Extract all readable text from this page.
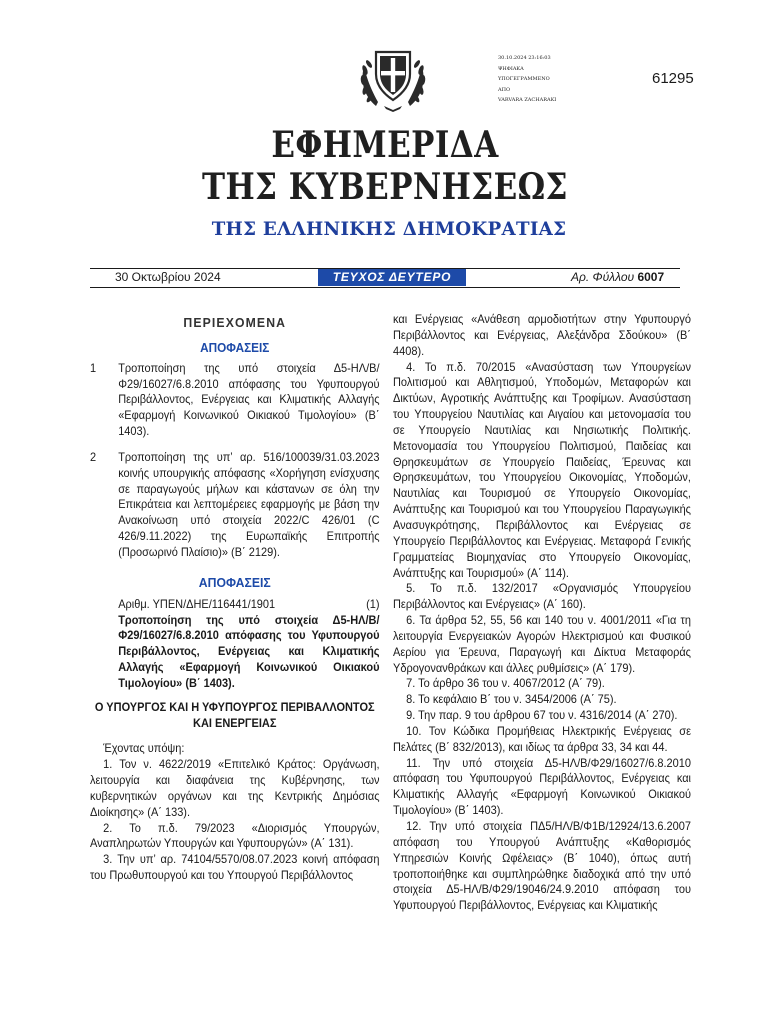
30.10.2024 23:16:03
ΨΗΦΙΑΚΑ
ΥΠΟΓΕΓΡΑΜΜΕΝΟ
ΑΠΟ
VARVARA ZACHARAKI
61295
ΕΦΗΜΕΡΙΔΑ
ΤΗΣ ΚΥΒΕΡΝΗΣΕΩΣ
ΤΗΣ ΕΛΛΗΝΙΚΗΣ ΔΗΜΟΚΡΑΤΙΑΣ
30 Οκτωβρίου 2024	ΤΕΥΧΟΣ ΔΕΥΤΕΡΟ	Αρ. Φύλλου 6007
ΠΕΡΙΕΧΟΜΕΝΑ
ΑΠΟΦΑΣΕΙΣ
1	Τροποποίηση της υπό στοιχεία Δ5-ΗΛ/Β/Φ29/16027/6.8.2010 απόφασης του Υφυπουργού Περιβάλλοντος, Ενέργειας και Κλιματικής Αλλαγής «Εφαρμογή Κοινωνικού Οικιακού Τιμολογίου» (Β΄ 1403).
2	Τροποποίηση της υπ’ αρ. 516/100039/31.03.2023 κοινής υπουργικής απόφασης «Χορήγηση ενίσχυσης σε παραγωγούς μήλων και κάστανων σε όλη την Επικράτεια και λεπτομέρειες εφαρμογής με βάση την Ανακοίνωση υπό στοιχεία 2022/C 426/01 (C 426/9.11.2022) της Ευρωπαϊκής Επιτροπής (Προσωρινό Πλαίσιο)» (Β΄ 2129).
ΑΠΟΦΑΣΕΙΣ
Αριθμ. ΥΠΕΝ/ΔΗΕ/116441/1901	(1)

Τροποποίηση της υπό στοιχεία Δ5-ΗΛ/Β/Φ29/16027/6.8.2010 απόφασης του Υφυπουργού Περιβάλλοντος, Ενέργειας και Κλιματικής Αλλαγής «Εφαρμογή Κοινωνικού Οικιακού Τιμολογίου» (Β΄ 1403).

Ο ΥΠΟΥΡΓΟΣ ΚΑΙ Η ΥΦΥΠΟΥΡΓΟΣ ΠΕΡΙΒΑΛΛΟΝΤΟΣ ΚΑΙ ΕΝΕΡΓΕΙΑΣ

Έχοντας υπόψη:

1. Τον ν. 4622/2019 «Επιτελικό Κράτος: Οργάνωση, λειτουργία και διαφάνεια της Κυβέρνησης, των κυβερνητικών οργάνων και της Κεντρικής Δημόσιας Διοίκησης» (Α΄ 133).

2. Το π.δ. 79/2023 «Διορισμός Υπουργών, Αναπληρωτών Υπουργών και Υφυπουργών» (Α΄ 131).

3. Την υπ’ αρ. 74104/5570/08.07.2023 κοινή απόφαση του Πρωθυπουργού και του Υπουργού Περιβάλλοντος

και Ενέργειας «Ανάθεση αρμοδιοτήτων στην Υφυπουργό Περιβάλλοντος και Ενέργειας, Αλεξάνδρα Σδούκου» (Β΄ 4408).

4. Το π.δ. 70/2015 «Ανασύσταση των Υπουργείων Πολιτισμού και Αθλητισμού, Υποδομών, Μεταφορών και Δικτύων, Αγροτικής Ανάπτυξης και Τροφίμων. Ανασύσταση του Υπουργείου Ναυτιλίας και Αιγαίου και μετονομασία του σε Υπουργείο Ναυτιλίας και Νησιωτικής Πολιτικής. Μετονομασία του Υπουργείου Πολιτισμού, Παιδείας και Θρησκευμάτων σε Υπουργείο Παιδείας, Έρευνας και Θρησκευμάτων, του Υπουργείου Οικονομίας, Υποδομών, Ναυτιλίας και Τουρισμού σε Υπουργείο Οικονομίας, Ανάπτυξης και Τουρισμού και του Υπουργείου Παραγωγικής Ανασυγκρότησης, Περιβάλλοντος και Ενέργειας σε Υπουργείο Περιβάλλοντος και Ενέργειας. Μεταφορά Γενικής Γραμματείας Βιομηχανίας στο Υπουργείο Οικονομίας, Ανάπτυξης και Τουρισμού» (Α΄ 114).

5. Το π.δ. 132/2017 «Οργανισμός Υπουργείου Περιβάλλοντος και Ενέργειας» (Α΄ 160).

6. Τα άρθρα 52, 55, 56 και 140 του ν. 4001/2011 «Για τη λειτουργία Ενεργειακών Αγορών Ηλεκτρισμού και Φυσικού Αερίου για Έρευνα, Παραγωγή και Δίκτυα Μεταφοράς Υδρογονανθράκων και άλλες ρυθμίσεις» (Α΄ 179).

7. Το άρθρο 36 του ν. 4067/2012 (Α΄ 79).

8. Το κεφάλαιο Β΄ του ν. 3454/2006 (Α΄ 75).

9. Την παρ. 9 του άρθρου 67 του ν. 4316/2014 (Α΄ 270).

10. Τον Κώδικα Προμήθειας Ηλεκτρικής Ενέργειας σε Πελάτες (Β΄ 832/2013), και ιδίως τα άρθρα 33, 34 και 44.

11. Την υπό στοιχεία Δ5-ΗΛ/Β/Φ29/16027/6.8.2010 απόφαση του Υφυπουργού Περιβάλλοντος, Ενέργειας και Κλιματικής Αλλαγής «Εφαρμογή Κοινωνικού Οικιακού Τιμολογίου» (Β΄ 1403).

12. Την υπό στοιχεία ΠΔ5/ΗΛ/Β/Φ1Β/12924/13.6.2007 απόφαση του Υπουργού Ανάπτυξης «Καθορισμός Υπηρεσιών Κοινής Ωφέλειας» (Β΄ 1040), όπως αυτή τροποποιήθηκε και συμπληρώθηκε διαδοχικά από την υπό στοιχεία Δ5-ΗΛ/Β/Φ29/19046/24.9.2010 απόφαση του Υφυπουργού Περιβάλλοντος, Ενέργειας και Κλιματικής
